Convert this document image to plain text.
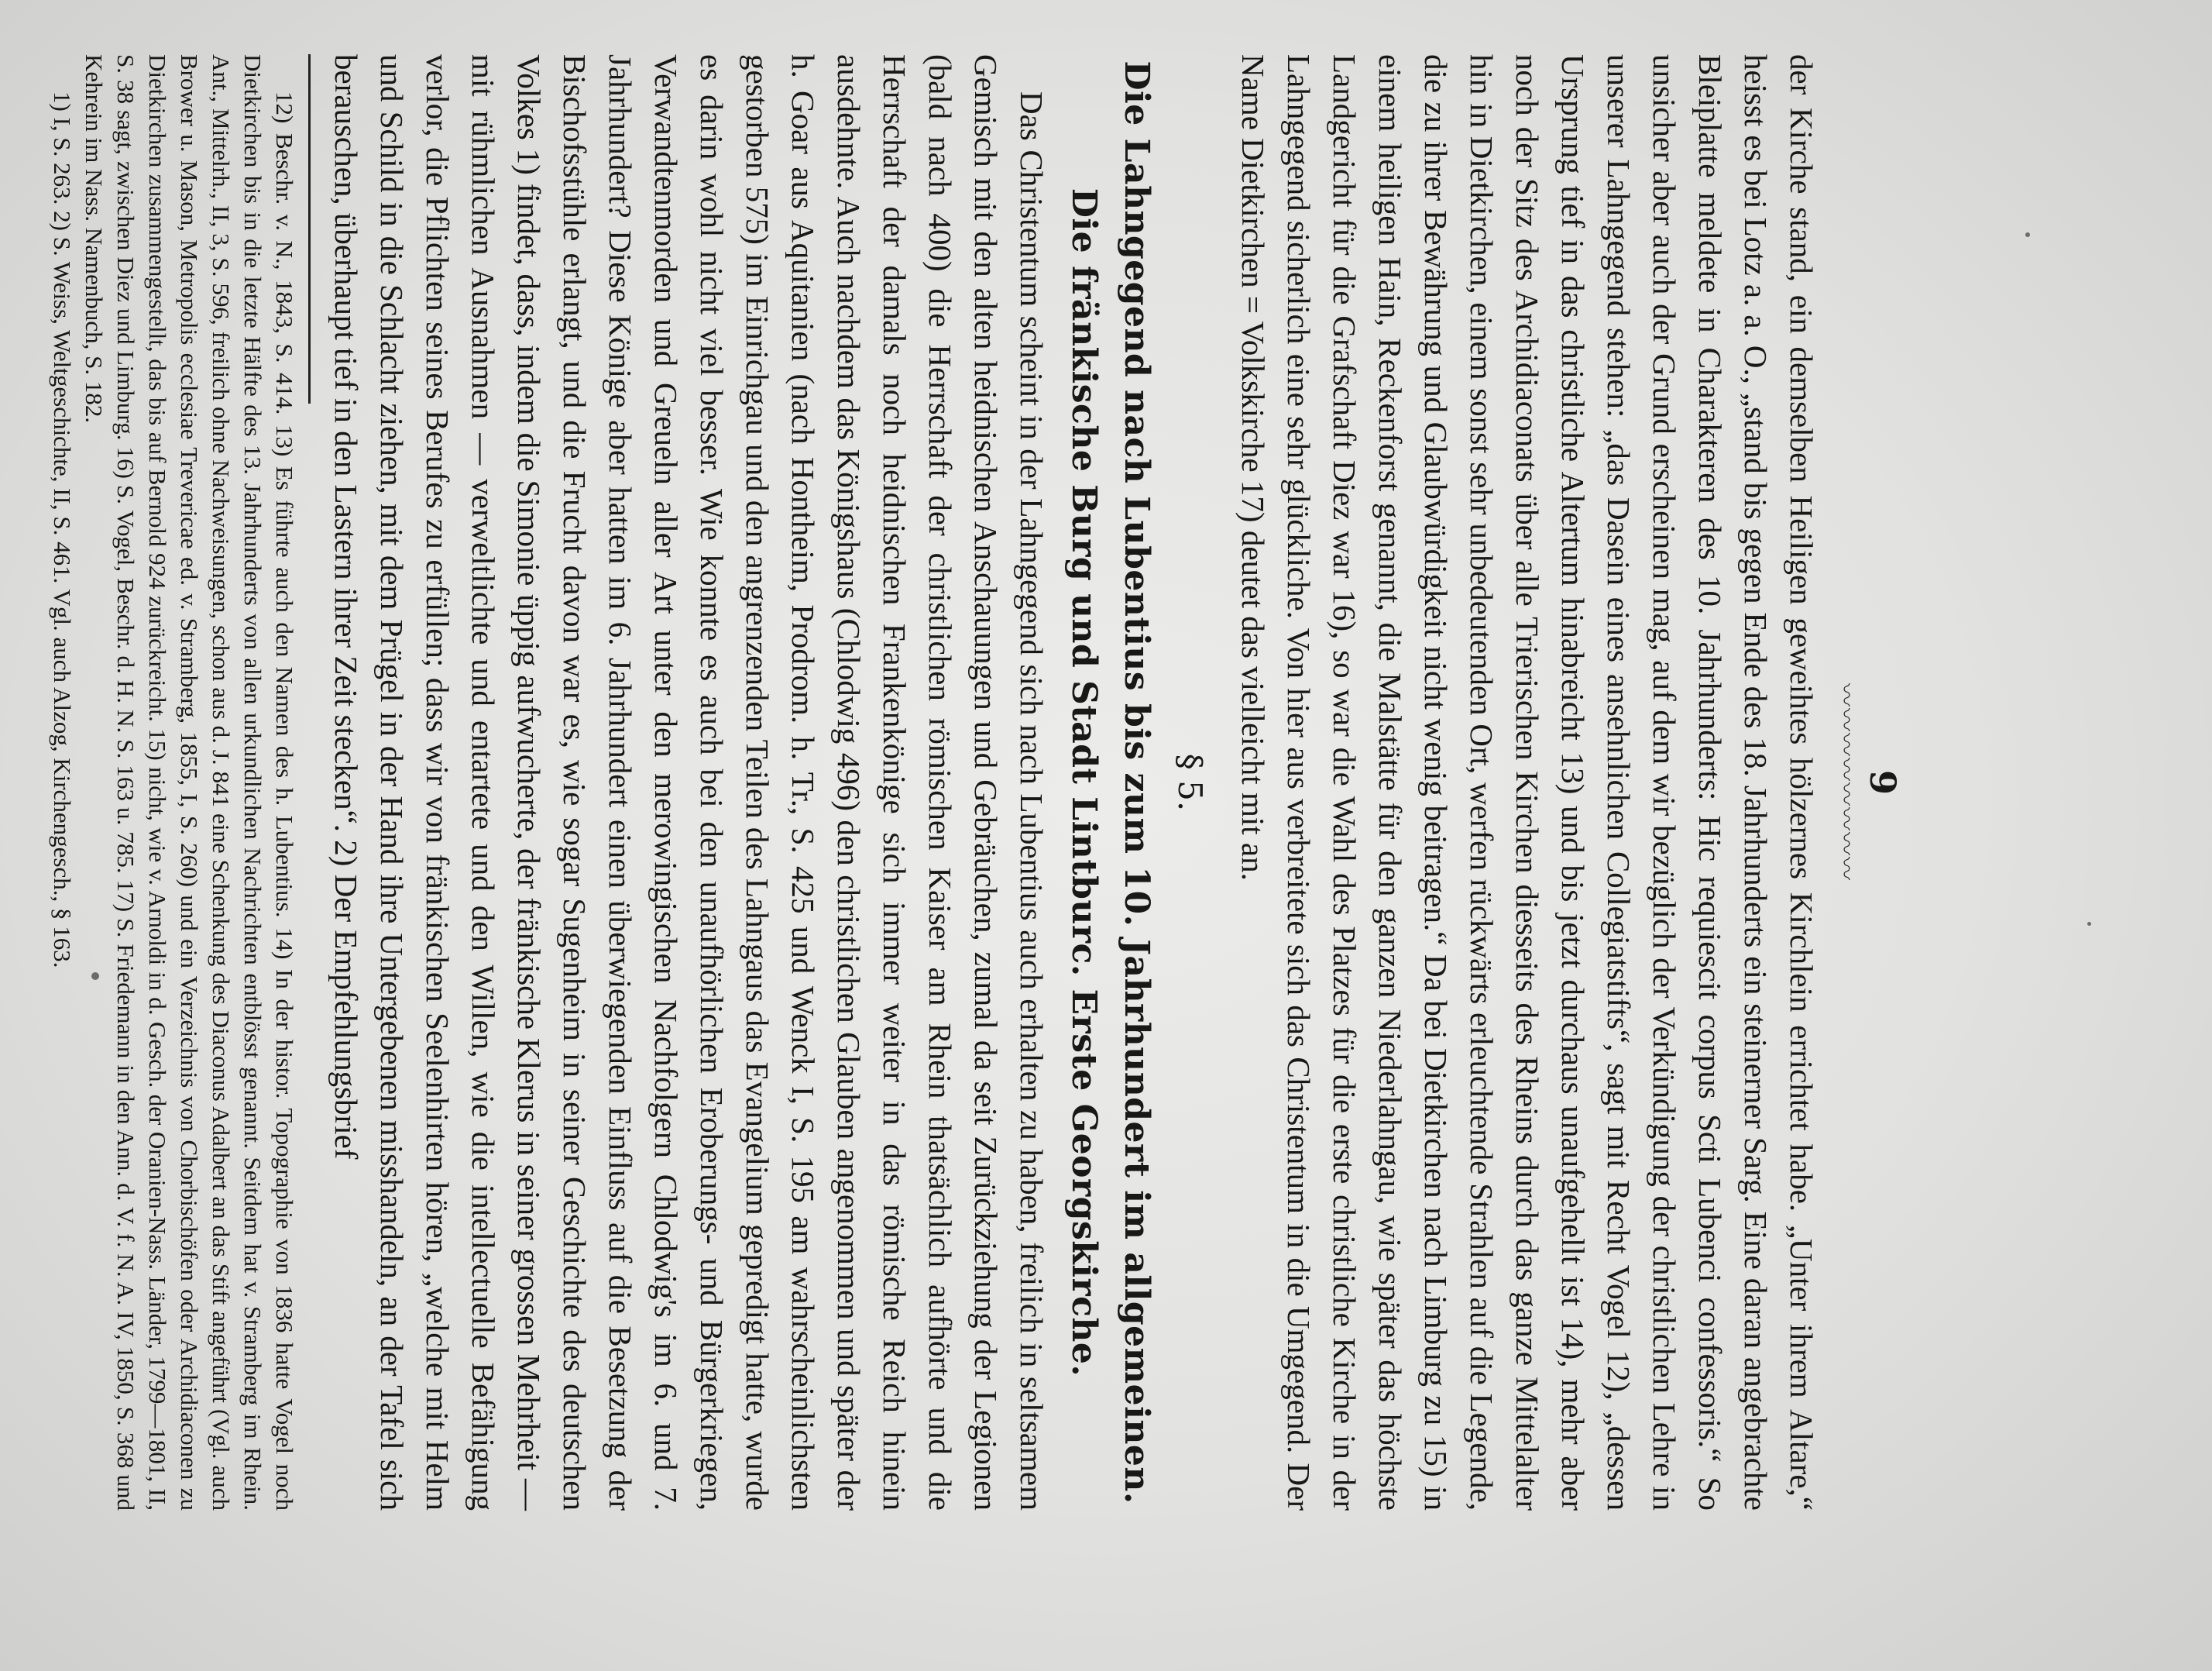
9
〰〰〰〰〰〰〰〰

der Kirche stand, ein demselben Heiligen geweihtes hölzernes Kirchlein errichtet habe. „Unter ihrem Altare,“ heisst es bei Lotz a. a. O., „stand bis gegen Ende des 18. Jahrhunderts ein steinerner Sarg. Eine daran angebrachte Bleiplatte meldete in Charakteren des 10. Jahrhunderts: Hic requiescit corpus Scti Lubenci confessoris.“ So unsicher aber auch der Grund erscheinen mag, auf dem wir bezüglich der Verkündigung der christlichen Lehre in unserer Lahngegend stehen: „das Dasein eines ansehnlichen Collegiatstifts“, sagt mit Recht Vogel 12), „dessen Ursprung tief in das christliche Altertum hinabreicht 13) und bis jetzt durchaus unaufgehellt ist 14), mehr aber noch der Sitz des Archidiaconats über alle Trierischen Kirchen diesseits des Rheins durch das ganze Mittelalter hin in Dietkirchen, einem sonst sehr unbedeutenden Ort, werfen rückwärts erleuchtende Strahlen auf die Legende, die zu ihrer Bewährung und Glaubwürdigkeit nicht wenig beitragen.“ Da bei Dietkirchen nach Limburg zu 15) in einem heiligen Hain, Reckenforst genannt, die Malstätte für den ganzen Niederlahngau, wie später das höchste Landgericht für die Grafschaft Diez war 16), so war die Wahl des Platzes für die erste christliche Kirche in der Lahngegend sicherlich eine sehr glückliche. Von hier aus verbreitete sich das Christentum in die Umgegend. Der Name Dietkirchen = Volkskirche 17) deutet das vielleicht mit an.

§ 5.
Die Lahngegend nach Lubentius bis zum 10. Jahrhundert im allgemeinen.
Die fränkische Burg und Stadt Lintburc. Erste Georgskirche.

Das Christentum scheint in der Lahngegend sich nach Lubentius auch erhalten zu haben, freilich in seltsamem Gemisch mit den alten heidnischen Anschauungen und Gebräuchen, zumal da seit Zurückziehung der Legionen (bald nach 400) die Herrschaft der christlichen römischen Kaiser am Rhein thatsächlich aufhörte und die Herrschaft der damals noch heidnischen Frankenkönige sich immer weiter in das römische Reich hinein ausdehnte. Auch nachdem das Königshaus (Chlodwig 496) den christlichen Glauben angenommen und später der h. Goar aus Aquitanien (nach Hontheim, Prodrom. h. Tr., S. 425 und Wenck I, S. 195 am wahrscheinlichsten gestorben 575) im Einrichgau und den angrenzenden Teilen des Lahngaus das Evangelium gepredigt hatte, wurde es darin wohl nicht viel besser. Wie konnte es auch bei den unaufhörlichen Eroberungs- und Bürgerkriegen, Verwandtenmorden und Greueln aller Art unter den merowingischen Nachfolgern Chlodwig's im 6. und 7. Jahrhundert? Diese Könige aber hatten im 6. Jahrhundert einen überwiegenden Einfluss auf die Besetzung der Bischofsstühle erlangt, und die Frucht davon war es, wie sogar Sugenheim in seiner Geschichte des deutschen Volkes 1) findet, dass, indem die Simonie üppig aufwucherte, der fränkische Klerus in seiner grossen Mehrheit — mit rühmlichen Ausnahmen — verweltlichte und entartete und den Willen, wie die intellectuelle Befähigung verlor, die Pflichten seines Berufes zu erfüllen; dass wir von fränkischen Seelenhirten hören, „welche mit Helm und Schild in die Schlacht ziehen, mit dem Prügel in der Hand ihre Untergebenen misshandeln, an der Tafel sich berauschen, überhaupt tief in den Lastern ihrer Zeit stecken“. 2) Der Empfehlungsbrief

12) Beschr. v. N., 1843, S. 414. 13) Es führte auch den Namen des h. Lubentius. 14) In der histor. Topographie von 1836 hatte Vogel noch Dietkirchen bis in die letzte Hälfte des 13. Jahrhunderts von allen urkundlichen Nachrichten entblösst genannt. Seitdem hat v. Stramberg im Rhein. Ant., Mittelrh., II, 3, S. 596, freilich ohne Nachweisungen, schon aus d. J. 841 eine Schenkung des Diaconus Adalbert an das Stift angeführt (Vgl. auch Brower u. Mason, Metropolis ecclesiae Trevericae ed. v. Stramberg, 1855, I, S. 260) und ein Verzeichnis von Chorbischöfen oder Archidiaconen zu Dietkirchen zusammengestellt, das bis auf Bernold 924 zurückreicht. 15) nicht, wie v. Arnoldi in d. Gesch. der Oranien-Nass. Länder, 1799—1801, II, S. 38 sagt, zwischen Diez und Limburg. 16) S. Vogel, Beschr. d. H. N. S. 163 u. 785. 17) S. Friedemann in den Ann. d. V. f. N. A. IV, 1850, S. 368 und Kehrein im Nass. Namenbuch, S. 182.

1) I, S. 263. 2) S. Weiss, Weltgeschichte, II, S. 461. Vgl. auch Alzog, Kirchengesch., § 163.
